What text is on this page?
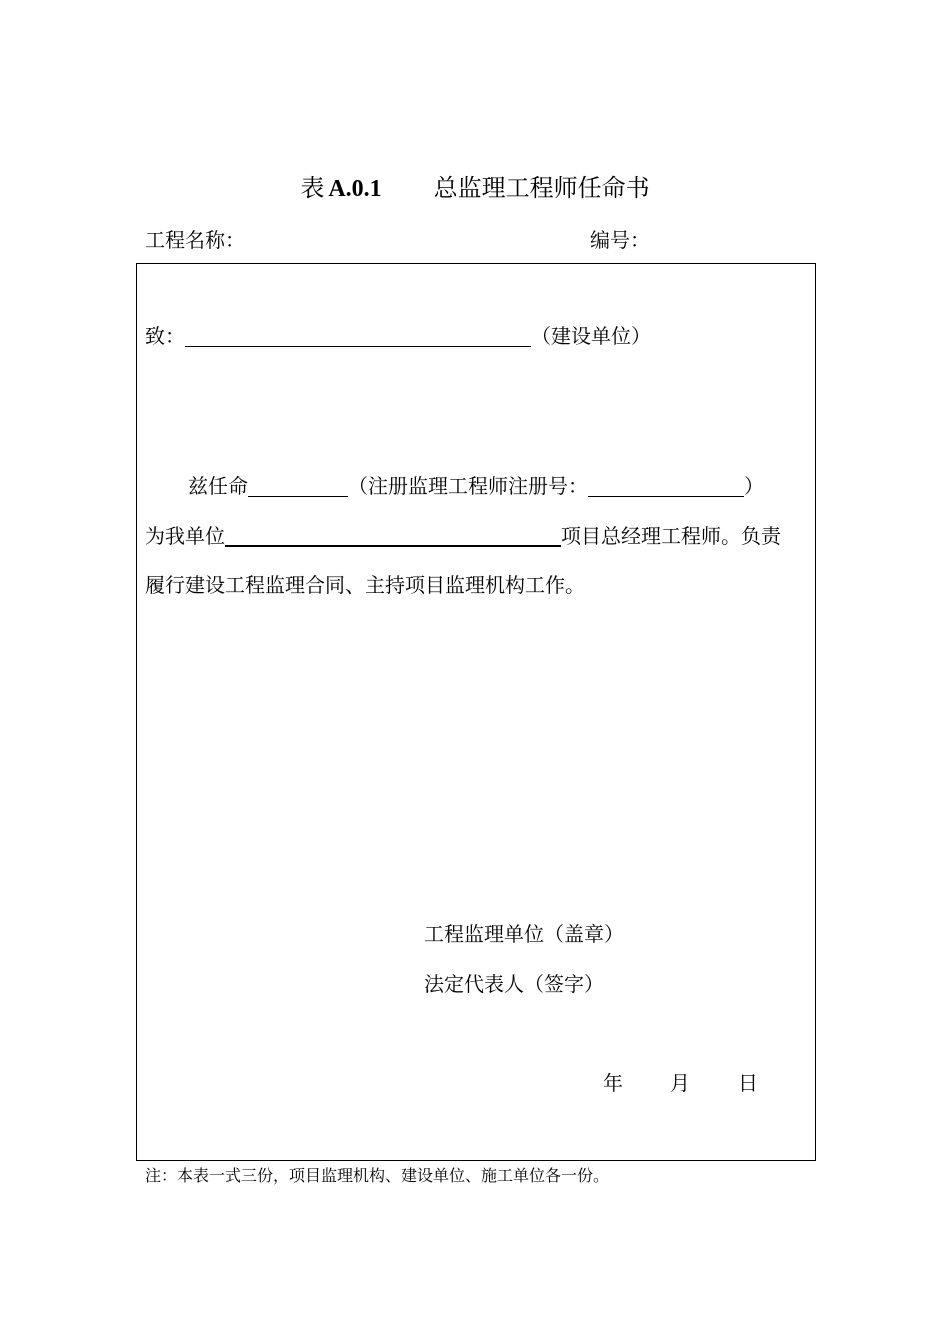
表 A.0.1 总监理工程师任命书
工程名称：	编号：
致：	（建设单位）
兹任命	（注册监理工程师注册号：	）
为我单位	项目总经理工程师。负责
履行建设工程监理合同、主持项目监理机构工作。
工程监理单位（盖章）
法定代表人（签字）
年 月 日
注：本表一式三份，项目监理机构、建设单位、施工单位各一份。
